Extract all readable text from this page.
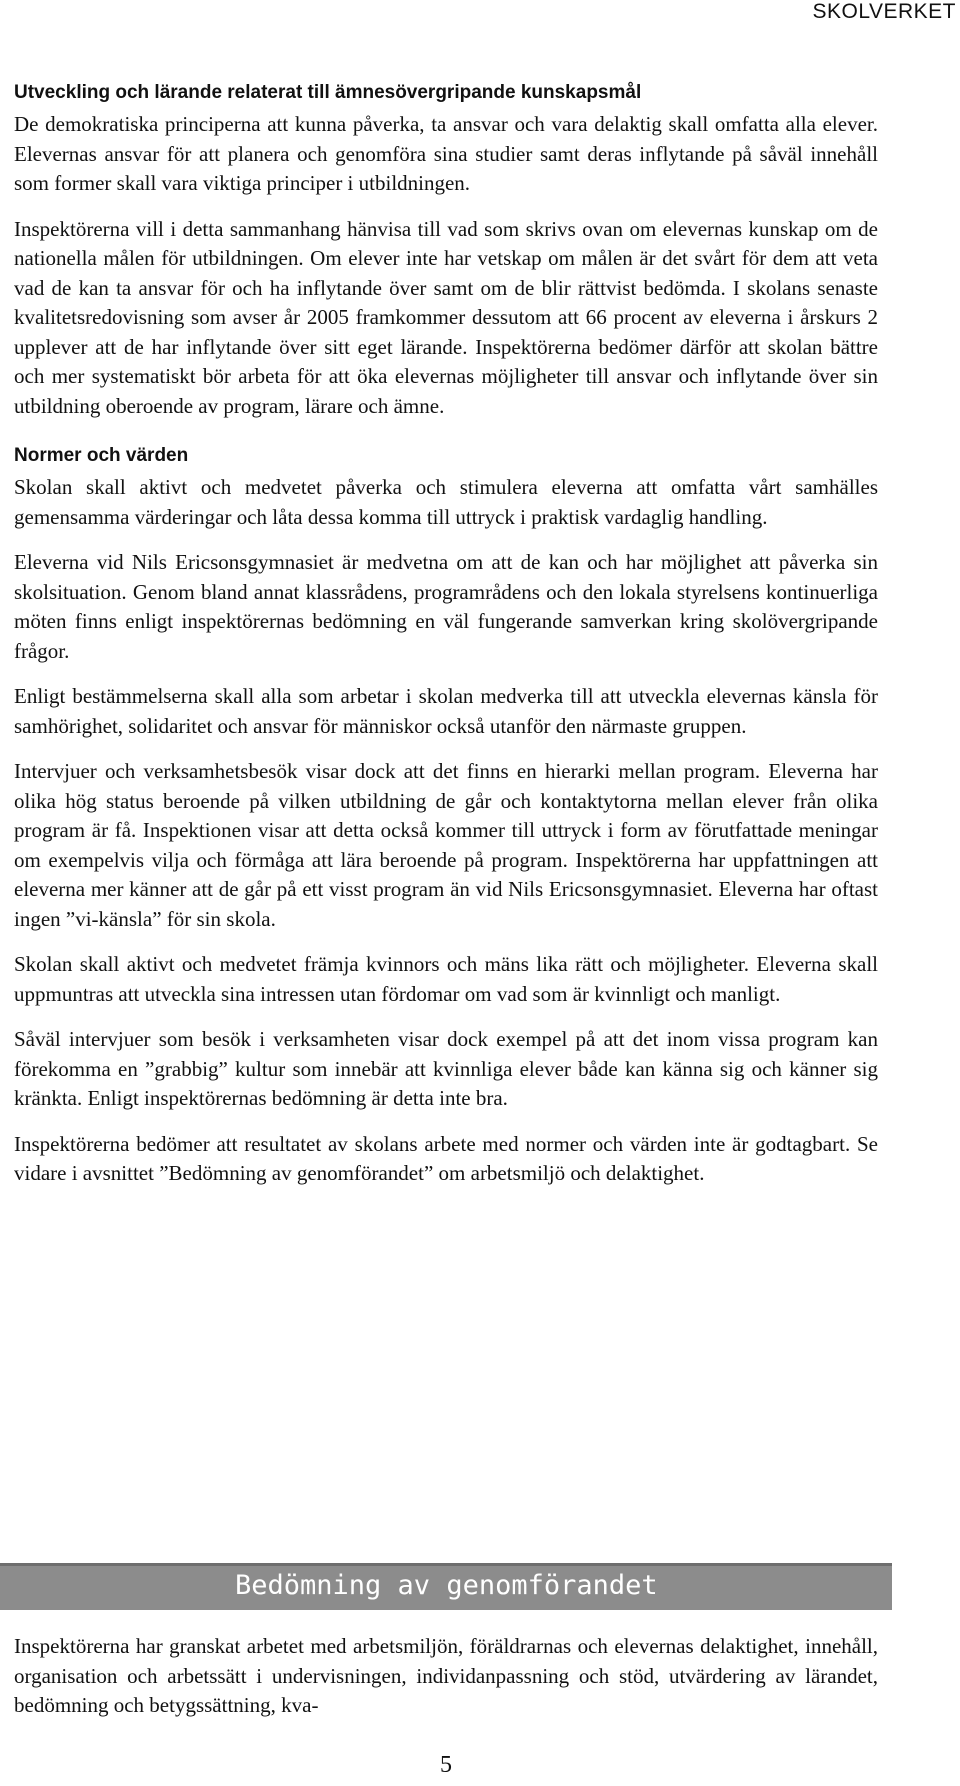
SKOLVERKET
Utveckling och lärande relaterat till ämnesövergripande kunskapsmål

De demokratiska principerna att kunna påverka, ta ansvar och vara delaktig skall omfatta alla elever. Elevernas ansvar för att planera och genomföra sina studier samt deras inflytande på såväl innehåll som former skall vara viktiga principer i utbildningen.

Inspektörerna vill i detta sammanhang hänvisa till vad som skrivs ovan om elevernas kunskap om de nationella målen för utbildningen. Om elever inte har vetskap om målen är det svårt för dem att veta vad de kan ta ansvar för och ha inflytande över samt om de blir rättvist bedömda. I skolans senaste kvalitetsredovisning som avser år 2005 framkommer dessutom att 66 procent av eleverna i årskurs 2 upplever att de har inflytande över sitt eget lärande. Inspektörerna bedömer därför att skolan bättre och mer systematiskt bör arbeta för att öka elevernas möjligheter till ansvar och inflytande över sin utbildning oberoende av program, lärare och ämne.

Normer och värden

Skolan skall aktivt och medvetet påverka och stimulera eleverna att omfatta vårt samhälles gemensamma värderingar och låta dessa komma till uttryck i praktisk vardaglig handling.

Eleverna vid Nils Ericsonsgymnasiet är medvetna om att de kan och har möjlighet att påverka sin skolsituation. Genom bland annat klassrådens, programrådens och den lokala styrelsens kontinuerliga möten finns enligt inspektörernas bedömning en väl fungerande samverkan kring skolövergripande frågor.

Enligt bestämmelserna skall alla som arbetar i skolan medverka till att utveckla elevernas känsla för samhörighet, solidaritet och ansvar för människor också utanför den närmaste gruppen.

Intervjuer och verksamhetsbesök visar dock att det finns en hierarki mellan program. Eleverna har olika hög status beroende på vilken utbildning de går och kontaktytorna mellan elever från olika program är få. Inspektionen visar att detta också kommer till uttryck i form av förutfattade meningar om exempelvis vilja och förmåga att lära beroende på program. Inspektörerna har uppfattningen att eleverna mer känner att de går på ett visst program än vid Nils Ericsonsgymnasiet. Eleverna har oftast ingen ”vi-känsla” för sin skola.

Skolan skall aktivt och medvetet främja kvinnors och mäns lika rätt och möjligheter. Eleverna skall uppmuntras att utveckla sina intressen utan fördomar om vad som är kvinnligt och manligt.

Såväl intervjuer som besök i verksamheten visar dock exempel på att det inom vissa program kan förekomma en ”grabbig” kultur som innebär att kvinnliga elever både kan känna sig och känner sig kränkta. Enligt inspektörernas bedömning är detta inte bra.

Inspektörerna bedömer att resultatet av skolans arbete med normer och värden inte är godtagbart. Se vidare i avsnittet ”Bedömning av genomförandet” om arbetsmiljö och delaktighet.

Bedömning av genomförandet

Inspektörerna har granskat arbetet med arbetsmiljön, föräldrarnas och elevernas delaktighet, innehåll, organisation och arbetssätt i undervisningen, individanpassning och stöd, utvärdering av lärandet, bedömning och betygssättning, kva-

5
